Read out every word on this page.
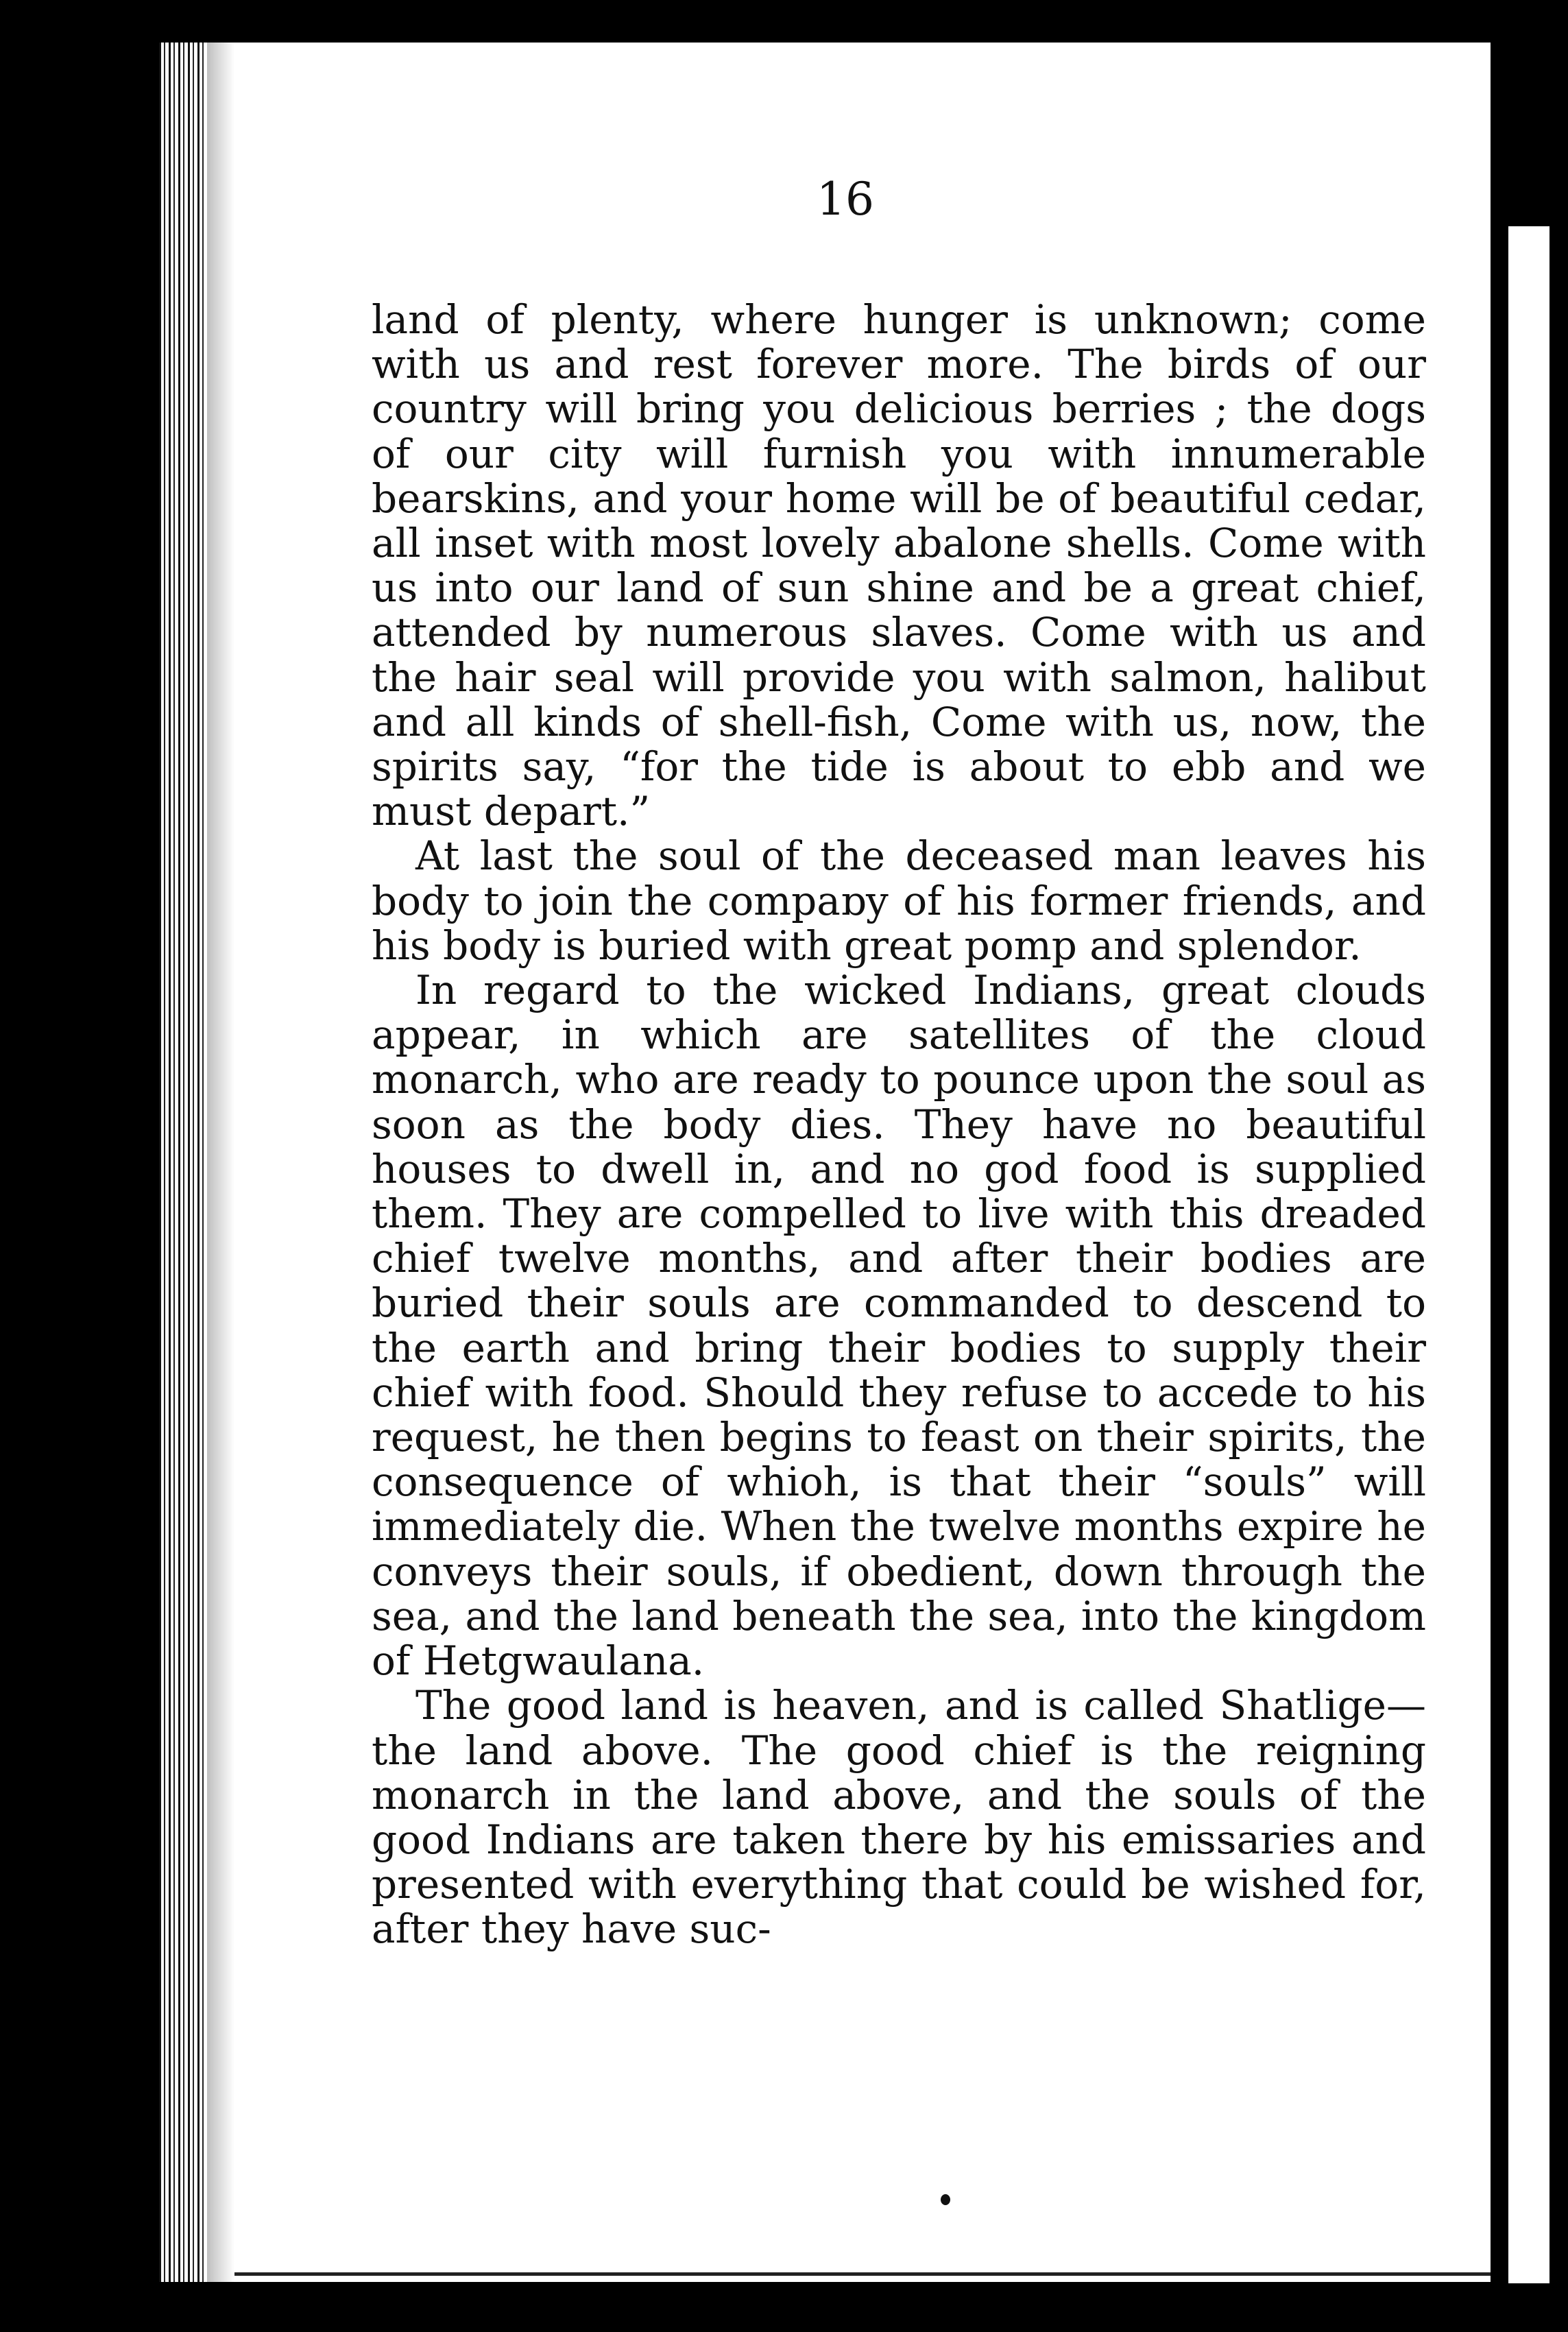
16

land of plenty, where hunger is unknown; come with us and rest forever more. The birds of our country will bring you delicious berries ; the dogs of our city will furnish you with innumerable bearskins, and your home will be of beautiful cedar, all inset with most lovely abalone shells. Come with us into our land of sun shine and be a great chief, attended by numerous slaves. Come with us and the hair seal will provide you with salmon, halibut and all kinds of shell-fish, Come with us, now, the spirits say, “for the tide is about to ebb and we must depart.”

At last the soul of the deceased man leaves his body to join the compaɒy of his former friends, and his body is buried with great pomp and splendor.

In regard to the wicked Indians, great clouds appear, in which are satellites of the cloud monarch, who are ready to pounce upon the soul as soon as the body dies. They have no beautiful houses to dwell in, and no god food is supplied them. They are compelled to live with this dreaded chief twelve months, and after their bodies are buried their souls are commanded to descend to the earth and bring their bodies to supply their chief with food. Should they refuse to accede to his request, he then begins to feast on their spirits, the consequence of whioh, is that their “souls” will immediately die. When the twelve months expire he conveys their souls, if obedient, down through the sea, and the land beneath the sea, into the kingdom of Hetgwaulana.

The good land is heaven, and is called Shatlige—the land above. The good chief is the reigning monarch in the land above, and the souls of the good Indians are taken there by his emissaries and presented with everything that could be wished for, after they have suc-
